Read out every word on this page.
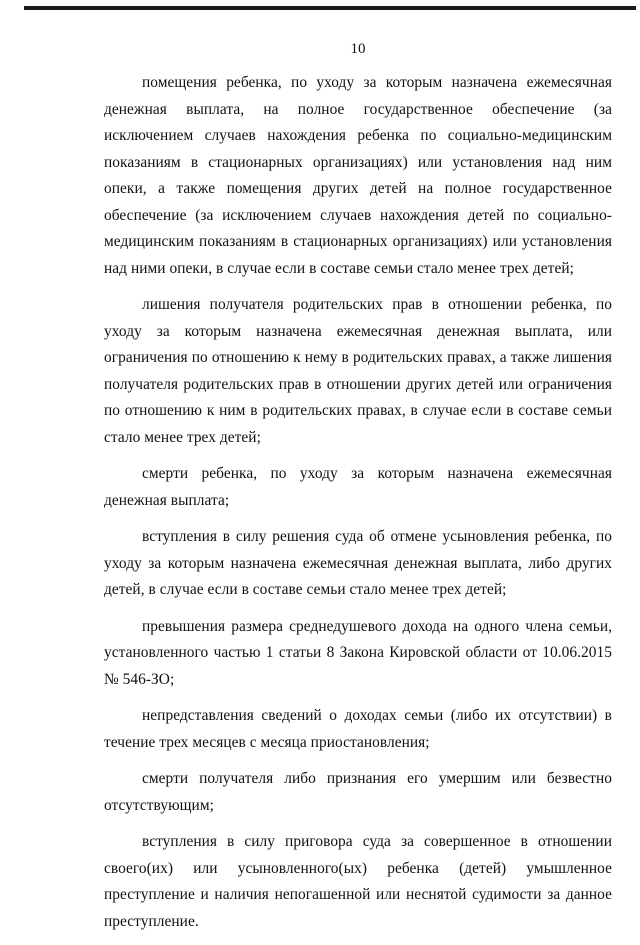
10

помещения ребенка, по уходу за которым назначена ежемесячная денежная выплата, на полное государственное обеспечение (за исключением случаев нахождения ребенка по социально-медицинским показаниям в стационарных организациях) или установления над ним опеки, а также помещения других детей на полное государственное обеспечение (за исключением случаев нахождения детей по социально-медицинским показаниям в стационарных организациях) или установления над ними опеки, в случае если в составе семьи стало менее трех детей;

лишения получателя родительских прав в отношении ребенка, по уходу за которым назначена ежемесячная денежная выплата, или ограничения по отношению к нему в родительских правах, а также лишения получателя родительских прав в отношении других детей или ограничения по отношению к ним в родительских правах, в случае если в составе семьи стало менее трех детей;

смерти ребенка, по уходу за которым назначена ежемесячная денежная выплата;

вступления в силу решения суда об отмене усыновления ребенка, по уходу за которым назначена ежемесячная денежная выплата, либо других детей, в случае если в составе семьи стало менее трех детей;

превышения размера среднедушевого дохода на одного члена семьи, установленного частью 1 статьи 8 Закона Кировской области от 10.06.2015 № 546-ЗО;

непредставления сведений о доходах семьи (либо их отсутствии) в течение трех месяцев с месяца приостановления;

смерти получателя либо признания его умершим или безвестно отсутствующим;

вступления в силу приговора суда за совершенное в отношении своего(их) или усыновленного(ых) ребенка (детей) умышленное преступление и наличия непогашенной или неснятой судимости за данное преступление.
